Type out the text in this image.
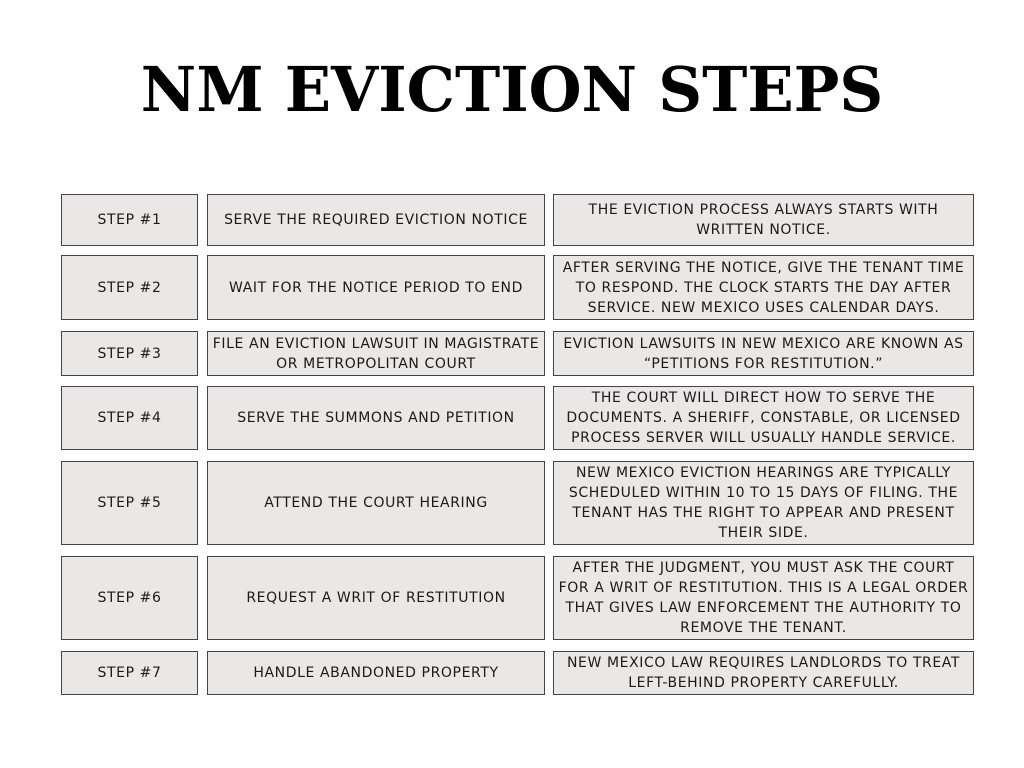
NM EVICTION STEPS
STEP #1	SERVE THE REQUIRED EVICTION NOTICE
THE EVICTION PROCESS ALWAYS STARTS WITH WRITTEN NOTICE.
STEP #2	WAIT FOR THE NOTICE PERIOD TO END
AFTER SERVING THE NOTICE, GIVE THE TENANT TIME TO RESPOND. THE CLOCK STARTS THE DAY AFTER SERVICE. NEW MEXICO USES CALENDAR DAYS.
STEP #3
FILE AN EVICTION LAWSUIT IN MAGISTRATE OR METROPOLITAN COURT
EVICTION LAWSUITS IN NEW MEXICO ARE KNOWN AS “PETITIONS FOR RESTITUTION.”
STEP #4	SERVE THE SUMMONS AND PETITION
THE COURT WILL DIRECT HOW TO SERVE THE DOCUMENTS. A SHERIFF, CONSTABLE, OR LICENSED PROCESS SERVER WILL USUALLY HANDLE SERVICE.
STEP #5	ATTEND THE COURT HEARING
NEW MEXICO EVICTION HEARINGS ARE TYPICALLY SCHEDULED WITHIN 10 TO 15 DAYS OF FILING. THE TENANT HAS THE RIGHT TO APPEAR AND PRESENT THEIR SIDE.
STEP #6	REQUEST A WRIT OF RESTITUTION
AFTER THE JUDGMENT, YOU MUST ASK THE COURT FOR A WRIT OF RESTITUTION. THIS IS A LEGAL ORDER THAT GIVES LAW ENFORCEMENT THE AUTHORITY TO REMOVE THE TENANT.
STEP #7	HANDLE ABANDONED PROPERTY
NEW MEXICO LAW REQUIRES LANDLORDS TO TREAT LEFT-BEHIND PROPERTY CAREFULLY.
